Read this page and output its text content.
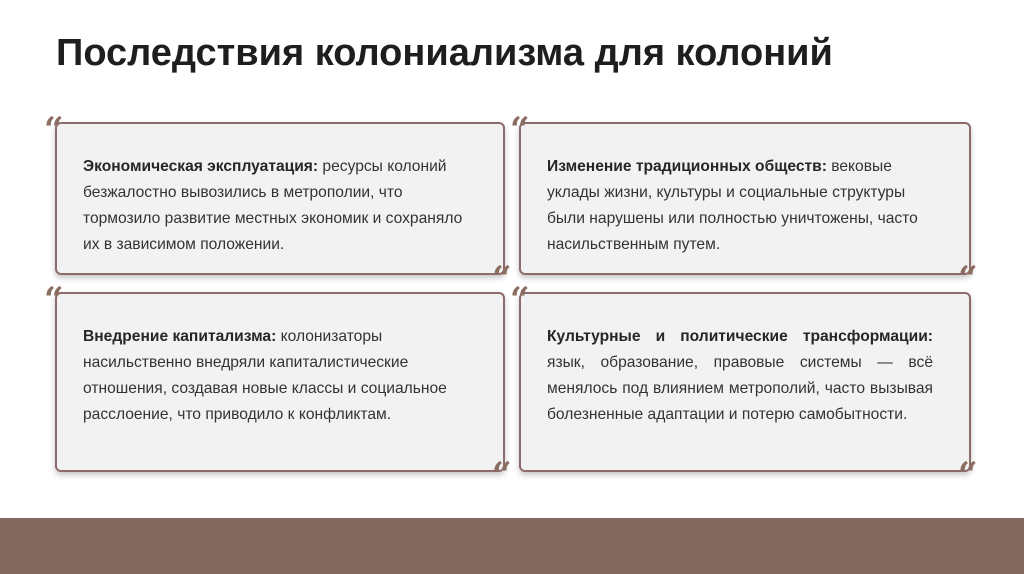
Последствия колониализма для колоний

Экономическая эксплуатация: ресурсы колоний безжалостно вывозились в метрополии, что тормозило развитие местных экономик и сохраняло их в зависимом положении.

Изменение традиционных обществ: вековые уклады жизни, культуры и социальные структуры были нарушены или полностью уничтожены, часто насильственным путем.

Внедрение капитализма: колонизаторы насильственно внедряли капиталистические отношения, создавая новые классы и социальное расслоение, что приводило к конфликтам.

Культурные и политические трансформации: язык, образование, правовые системы — всё менялось под влиянием метрополий, часто вызывая болезненные адаптации и потерю самобытности.

“
“
“
“
“
“
“
“
